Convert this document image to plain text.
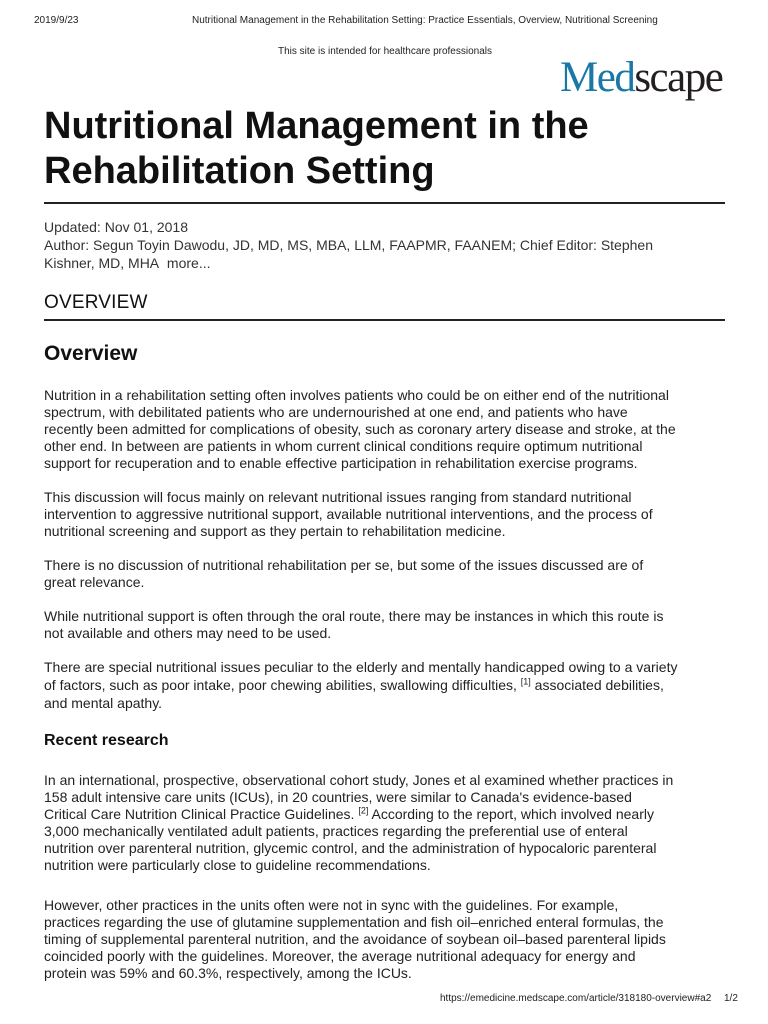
2019/9/23	Nutritional Management in the Rehabilitation Setting: Practice Essentials, Overview, Nutritional Screening
This site is intended for healthcare professionals
Medscape
Nutritional Management in the
Rehabilitation Setting
Updated: Nov 01, 2018
Author: Segun Toyin Dawodu, JD, MD, MS, MBA, LLM, FAAPMR, FAANEM; Chief Editor: Stephen
Kishner, MD, MHA more...
OVERVIEW
Overview

Nutrition in a rehabilitation setting often involves patients who could be on either end of the nutritional
spectrum, with debilitated patients who are undernourished at one end, and patients who have
recently been admitted for complications of obesity, such as coronary artery disease and stroke, at the
other end. In between are patients in whom current clinical conditions require optimum nutritional
support for recuperation and to enable effective participation in rehabilitation exercise programs.

This discussion will focus mainly on relevant nutritional issues ranging from standard nutritional
intervention to aggressive nutritional support, available nutritional interventions, and the process of
nutritional screening and support as they pertain to rehabilitation medicine.

There is no discussion of nutritional rehabilitation per se, but some of the issues discussed are of
great relevance.

While nutritional support is often through the oral route, there may be instances in which this route is
not available and others may need to be used.

There are special nutritional issues peculiar to the elderly and mentally handicapped owing to a variety
of factors, such as poor intake, poor chewing abilities, swallowing difficulties, [1] associated debilities,
and mental apathy.

Recent research

In an international, prospective, observational cohort study, Jones et al examined whether practices in
158 adult intensive care units (ICUs), in 20 countries, were similar to Canada's evidence-based
Critical Care Nutrition Clinical Practice Guidelines. [2] According to the report, which involved nearly
3,000 mechanically ventilated adult patients, practices regarding the preferential use of enteral
nutrition over parenteral nutrition, glycemic control, and the administration of hypocaloric parenteral
nutrition were particularly close to guideline recommendations.

However, other practices in the units often were not in sync with the guidelines. For example,
practices regarding the use of glutamine supplementation and fish oil–enriched enteral formulas, the
timing of supplemental parenteral nutrition, and the avoidance of soybean oil–based parenteral lipids
coincided poorly with the guidelines. Moreover, the average nutritional adequacy for energy and
protein was 59% and 60.3%, respectively, among the ICUs.

https://emedicine.medscape.com/article/318180-overview#a2 1/2
